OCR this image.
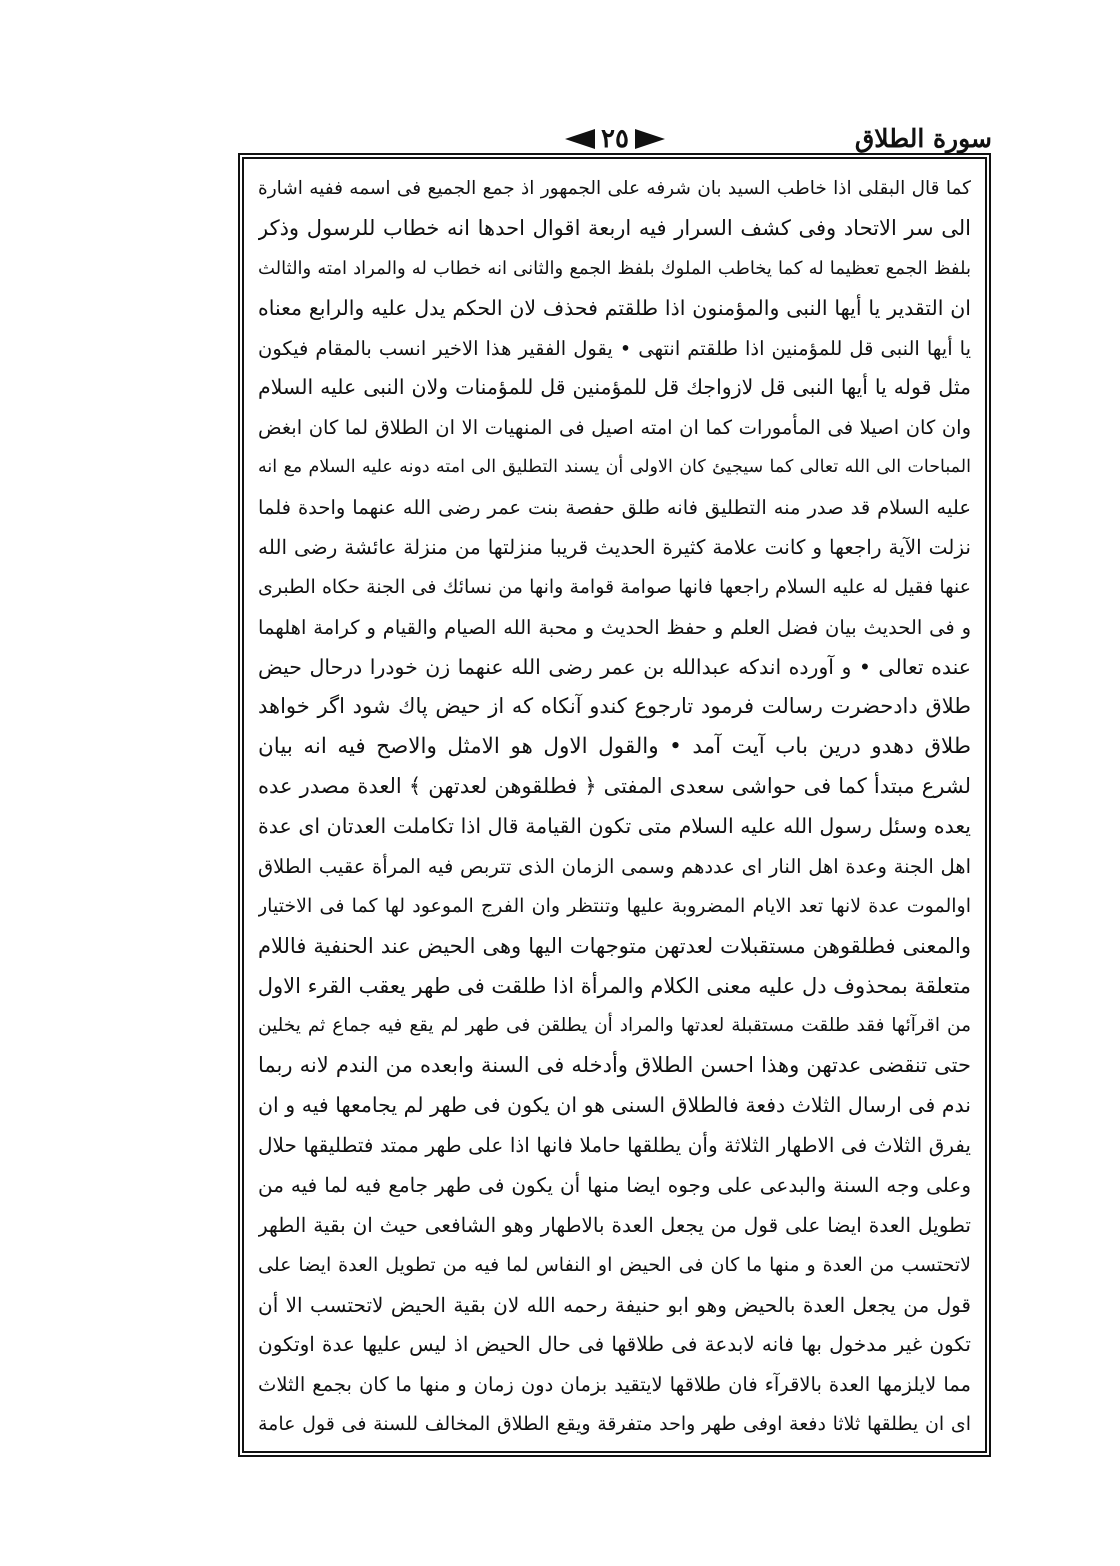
سورة الطلاق
٢٥
كما قال البقلى اذا خاطب السيد بان شرفه على الجمهور اذ جمع الجميع فى اسمه ففيه اشارة
الى سر الاتحاد وفى كشف السرار فيه اربعة اقوال احدها انه خطاب للرسول وذكر
بلفظ الجمع تعظيما له كما يخاطب الملوك بلفظ الجمع والثانى انه خطاب له والمراد امته والثالث
ان التقدير يا أيها النبى والمؤمنون اذا طلقتم فحذف لان الحكم يدل عليه والرابع معناه
يا أيها النبى قل للمؤمنين اذا طلقتم انتهى • يقول الفقير هذا الاخير انسب بالمقام فيكون
مثل قوله يا أيها النبى قل لازواجك قل للمؤمنين قل للمؤمنات ولان النبى عليه السلام
وان كان اصيلا فى المأمورات كما ان امته اصيل فى المنهيات الا ان الطلاق لما كان ابغض
المباحات الى الله تعالى كما سيجيئ كان الاولى أن يسند التطليق الى امته دونه عليه السلام مع انه
عليه السلام قد صدر منه التطليق فانه طلق حفصة بنت عمر رضى الله عنهما واحدة فلما
نزلت الآية راجعها و كانت علامة كثيرة الحديث قريبا منزلتها من منزلة عائشة رضى الله
عنها فقيل له عليه السلام راجعها فانها صوامة قوامة وانها من نسائك فى الجنة حكاه الطبرى
و فى الحديث بيان فضل العلم و حفظ الحديث و محبة الله الصيام والقيام و كرامة اهلهما
عنده تعالى • و آورده اندكه عبدالله بن عمر رضى الله عنهما زن خودرا درحال حيض
طلاق دادحضرت رسالت فرمود تارجوع كندو آنكاه كه از حيض پاك شود اگر خواهد
طلاق دهدو درين باب آيت آمد • والقول الاول هو الامثل والاصح فيه انه بيان
لشرع مبتدأ كما فى حواشى سعدى المفتى ﴿ فطلقوهن لعدتهن ﴾ العدة مصدر عده
يعده وسئل رسول الله عليه السلام متى تكون القيامة قال اذا تكاملت العدتان اى عدة
اهل الجنة وعدة اهل النار اى عددهم وسمى الزمان الذى تتربص فيه المرأة عقيب الطلاق
اوالموت عدة لانها تعد الايام المضروبة عليها وتنتظر وان الفرج الموعود لها كما فى الاختيار
والمعنى فطلقوهن مستقبلات لعدتهن متوجهات اليها وهى الحيض عند الحنفية فاللام
متعلقة بمحذوف دل عليه معنى الكلام والمرأة اذا طلقت فى طهر يعقب القرء الاول
من اقرآئها فقد طلقت مستقبلة لعدتها والمراد أن يطلقن فى طهر لم يقع فيه جماع ثم يخلين
حتى تنقضى عدتهن وهذا احسن الطلاق وأدخله فى السنة وابعده من الندم لانه ربما
ندم فى ارسال الثلاث دفعة فالطلاق السنى هو ان يكون فى طهر لم يجامعها فيه و ان
يفرق الثلاث فى الاطهار الثلاثة وأن يطلقها حاملا فانها اذا على طهر ممتد فتطليقها حلال
وعلى وجه السنة والبدعى على وجوه ايضا منها أن يكون فى طهر جامع فيه لما فيه من
تطويل العدة ايضا على قول من يجعل العدة بالاطهار وهو الشافعى حيث ان بقية الطهر
لاتحتسب من العدة و منها ما كان فى الحيض او النفاس لما فيه من تطويل العدة ايضا على
قول من يجعل العدة بالحيض وهو ابو حنيفة رحمه الله لان بقية الحيض لاتحتسب الا أن
تكون غير مدخول بها فانه لابدعة فى طلاقها فى حال الحيض اذ ليس عليها عدة اوتكون
مما لايلزمها العدة بالاقرآء فان طلاقها لايتقيد بزمان دون زمان و منها ما كان بجمع الثلاث
اى ان يطلقها ثلاثا دفعة اوفى طهر واحد متفرقة ويقع الطلاق المخالف للسنة فى قول عامة
